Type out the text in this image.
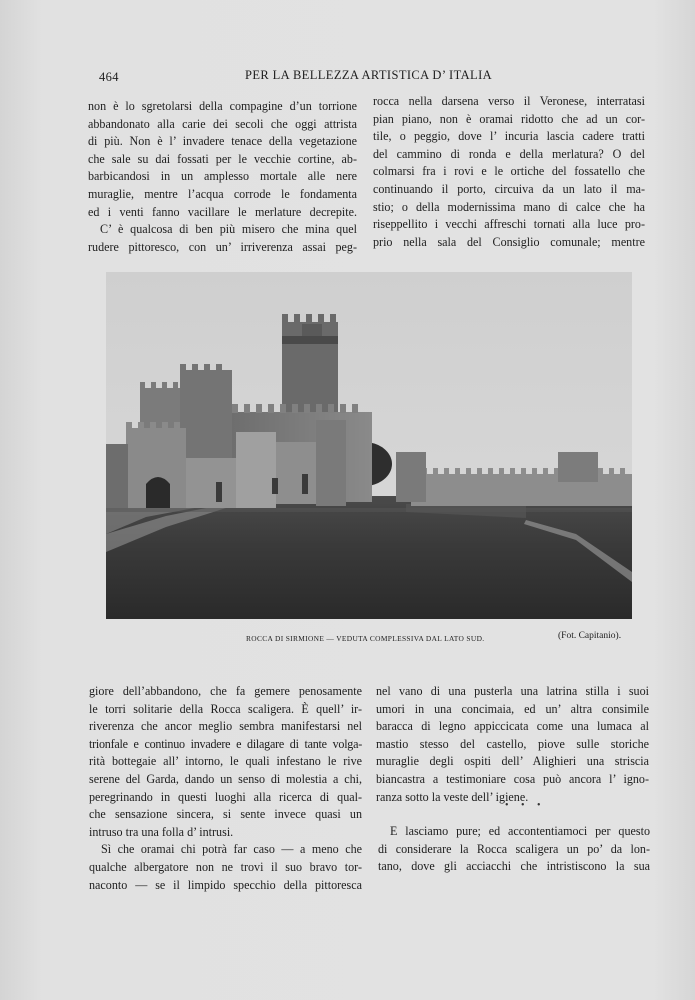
464	PER LA BELLEZZA ARTISTICA D’ ITALIA
non è lo sgretolarsi della compagine d’un torrione
abbandonato alla carie dei secoli che oggi attrista
di più. Non è l’ invadere tenace della vegetazione
che sale su dai fossati per le vecchie cortine, ab-
barbicandosi in un amplesso mortale alle nere
muraglie, mentre l’acqua corrode le fondamenta
ed i venti fanno vacillare le merlature decrepite.
C’ è qualcosa di ben più misero che mina quel
rudere pittoresco, con un’ irriverenza assai peg-
rocca nella darsena verso il Veronese, interratasi
pian piano, non è oramai ridotto che ad un cor-
tile, o peggio, dove l’ incuria lascia cadere tratti
del cammino di ronda e della merlatura? O del
colmarsi fra i rovi e le ortiche del fossatello che
continuando il porto, circuiva da un lato il ma-
stio; o della modernissima mano di calce che ha
riseppellito i vecchi affreschi tornati alla luce pro-
prio nella sala del Consiglio comunale; mentre
ROCCA DI SIRMIONE — VEDUTA COMPLESSIVA DAL LATO SUD.	(Fot. Capitanio).
giore dell’abbandono, che fa gemere penosamente
le torri solitarie della Rocca scaligera. È quell’ ir-
riverenza che ancor meglio sembra manifestarsi nel
trionfale e continuo invadere e dilagare di tante volga-
rità bottegaie all’ intorno, le quali infestano le rive
serene del Garda, dando un senso di molestia a chi,
peregrinando in questi luoghi alla ricerca di qual-
che sensazione sincera, si sente invece quasi un
intruso tra una folla d’ intrusi.
Sì che oramai chi potrà far caso — a meno che
qualche albergatore non ne trovi il suo bravo tor-
naconto — se il limpido specchio della pittoresca
nel vano di una pusterla una latrina stilla i suoi
umori in una concimaia, ed un’ altra consimile
baracca di legno appiccicata come una lumaca al
mastio stesso del castello, piove sulle storiche
muraglie degli ospiti dell’ Alighieri una striscia
biancastra a testimoniare cosa può ancora l’ igno-
ranza sotto la veste dell’ igiene.
• • •
E lasciamo pure; ed accontentiamoci per questo
di considerare la Rocca scaligera un po’ da lon-
tano, dove gli acciacchi che intristiscono la sua
